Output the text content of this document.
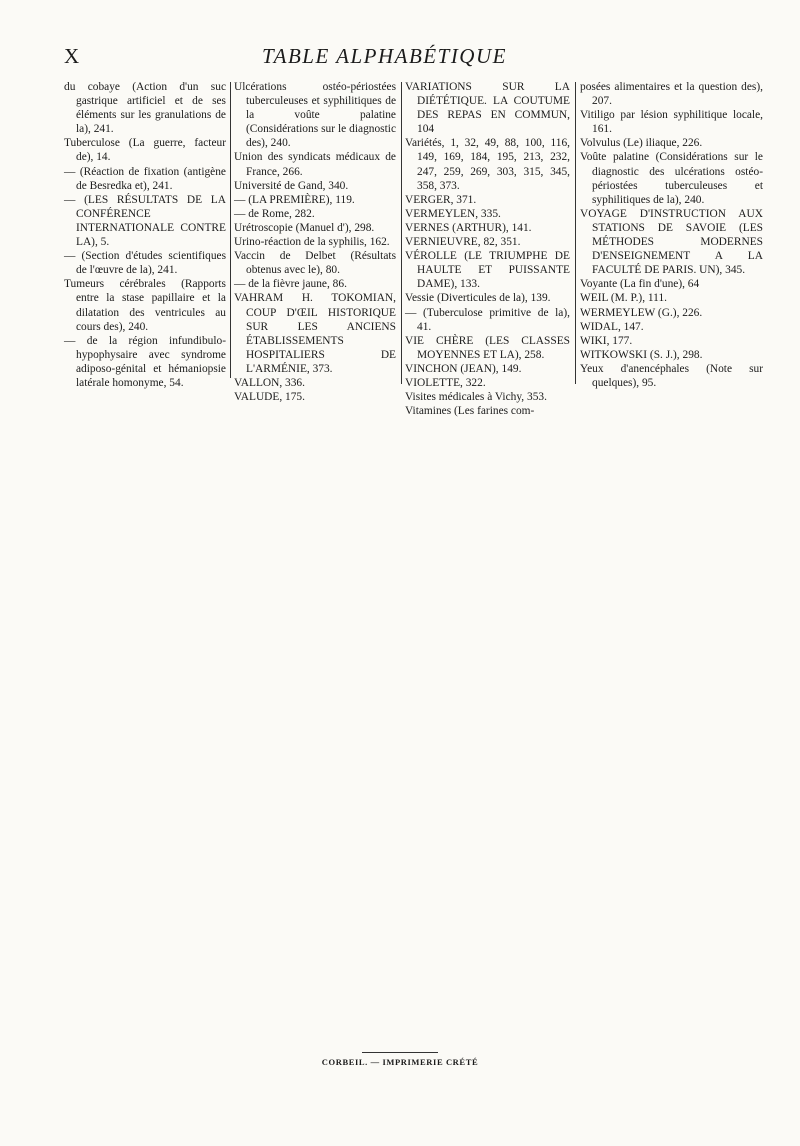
X	TABLE ALPHABÉTIQUE

du cobaye (Action d'un suc gastrique artificiel et de ses éléments sur les granulations de la), 241.

Tuberculose (La guerre, facteur de), 14.

— (Réaction de fixation (antigène de Besredka et), 241.

— (LES RÉSULTATS DE LA CONFÉRENCE INTERNATIONALE CONTRE LA), 5.

— (Section d'études scientifiques de l'œuvre de la), 241.

Tumeurs cérébrales (Rapports entre la stase papillaire et la dilatation des ventricules au cours des), 240.

— de la région infundibulo-hypophysaire avec syndrome adiposo-génital et hémaniopsie latérale homonyme, 54.

Ulcérations ostéo-périostées tuberculeuses et syphilitiques de la voûte palatine (Considérations sur le diagnostic des), 240.

Union des syndicats médicaux de France, 266.

Université de Gand, 340.

— (LA PREMIÈRE), 119.

— de Rome, 282.

Urétroscopie (Manuel d'), 298.

Urino-réaction de la syphilis, 162.

Vaccin de Delbet (Résultats obtenus avec le), 80.

— de la fièvre jaune, 86.

VAHRAM H. TOKOMIAN, COUP D'ŒIL HISTORIQUE SUR LES ANCIENS ÉTABLISSEMENTS HOSPITALIERS DE L'ARMÉNIE, 373.

VALLON, 336.

VALUDE, 175.

VARIATIONS SUR LA DIÉTÉTIQUE. LA COUTUME DES REPAS EN COMMUN, 104

Variétés, 1, 32, 49, 88, 100, 116, 149, 169, 184, 195, 213, 232, 247, 259, 269, 303, 315, 345, 358, 373.

VERGER, 371.

VERMEYLEN, 335.

VERNES (ARTHUR), 141.

VERNIEUVRE, 82, 351.

VÉROLLE (LE TRIUMPHE DE HAULTE ET PUISSANTE DAME), 133.

Vessie (Diverticules de la), 139.

— (Tuberculose primitive de la), 41.

VIE CHÈRE (LES CLASSES MOYENNES ET LA), 258.

VINCHON (JEAN), 149.

VIOLETTE, 322.

Visites médicales à Vichy, 353.

Vitamines (Les farines com-

posées alimentaires et la question des), 207.

Vitiligo par lésion syphilitique locale, 161.

Volvulus (Le) iliaque, 226.

Voûte palatine (Considérations sur le diagnostic des ulcérations ostéo-périostées tuberculeuses et syphilitiques de la), 240.

VOYAGE D'INSTRUCTION AUX STATIONS DE SAVOIE (LES MÉTHODES MODERNES D'ENSEIGNEMENT A LA FACULTÉ DE PARIS. UN), 345.

Voyante (La fin d'une), 64

WEIL (M. P.), 111.

WERMEYLEW (G.), 226.

WIDAL, 147.

WIKI, 177.

WITKOWSKI (S. J.), 298.

Yeux d'anencéphales (Note sur quelques), 95.

CORBEIL. — IMPRIMERIE CRÉTÉ
